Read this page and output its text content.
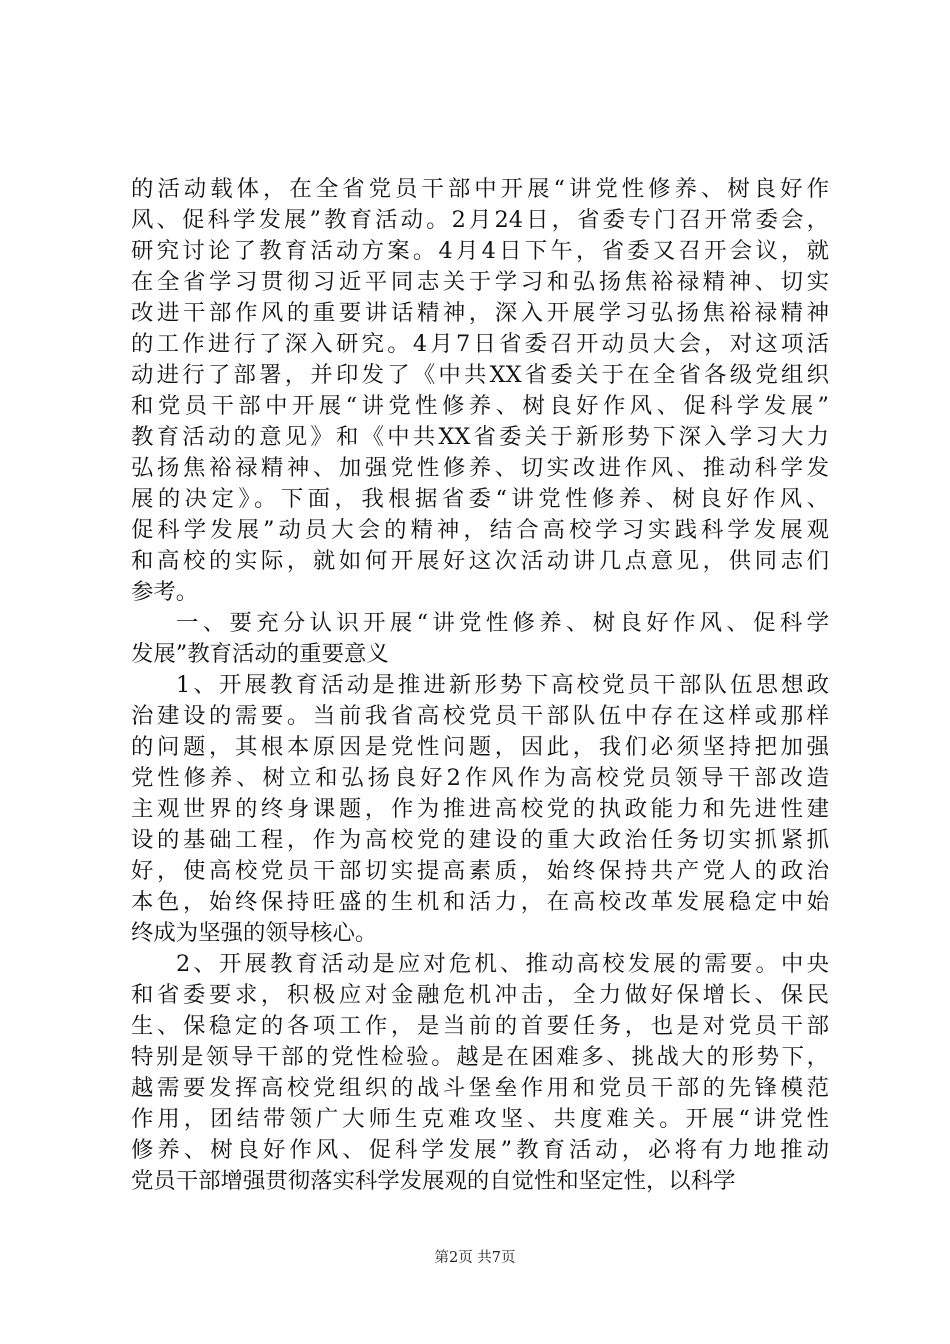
的活动载体，在全省党员干部中开展“讲党性修养、树良好作
风、促科学发展”教育活动。2月24日，省委专门召开常委会，
研究讨论了教育活动方案。4月4日下午，省委又召开会议，就
在全省学习贯彻习近平同志关于学习和弘扬焦裕禄精神、切实
改进干部作风的重要讲话精神，深入开展学习弘扬焦裕禄精神
的工作进行了深入研究。4月7日省委召开动员大会，对这项活
动进行了部署，并印发了《中共XX省委关于在全省各级党组织
和党员干部中开展“讲党性修养、树良好作风、促科学发展”
教育活动的意见》和《中共XX省委关于新形势下深入学习大力
弘扬焦裕禄精神、加强党性修养、切实改进作风、推动科学发
展的决定》。下面，我根据省委“讲党性修养、树良好作风、
促科学发展”动员大会的精神，结合高校学习实践科学发展观
和高校的实际，就如何开展好这次活动讲几点意见，供同志们
参考。

一、要充分认识开展“讲党性修养、树良好作风、促科学
发展”教育活动的重要意义

1、开展教育活动是推进新形势下高校党员干部队伍思想政
治建设的需要。当前我省高校党员干部队伍中存在这样或那样
的问题，其根本原因是党性问题，因此，我们必须坚持把加强
党性修养、树立和弘扬良好2作风作为高校党员领导干部改造
主观世界的终身课题，作为推进高校党的执政能力和先进性建
设的基础工程，作为高校党的建设的重大政治任务切实抓紧抓
好，使高校党员干部切实提高素质，始终保持共产党人的政治
本色，始终保持旺盛的生机和活力，在高校改革发展稳定中始
终成为坚强的领导核心。

2、开展教育活动是应对危机、推动高校发展的需要。中央
和省委要求，积极应对金融危机冲击，全力做好保增长、保民
生、保稳定的各项工作，是当前的首要任务，也是对党员干部
特别是领导干部的党性检验。越是在困难多、挑战大的形势下，
越需要发挥高校党组织的战斗堡垒作用和党员干部的先锋模范
作用，团结带领广大师生克难攻坚、共度难关。开展“讲党性
修养、树良好作风、促科学发展”教育活动，必将有力地推动
党员干部增强贯彻落实科学发展观的自觉性和坚定性，以科学

第2页 共7页
